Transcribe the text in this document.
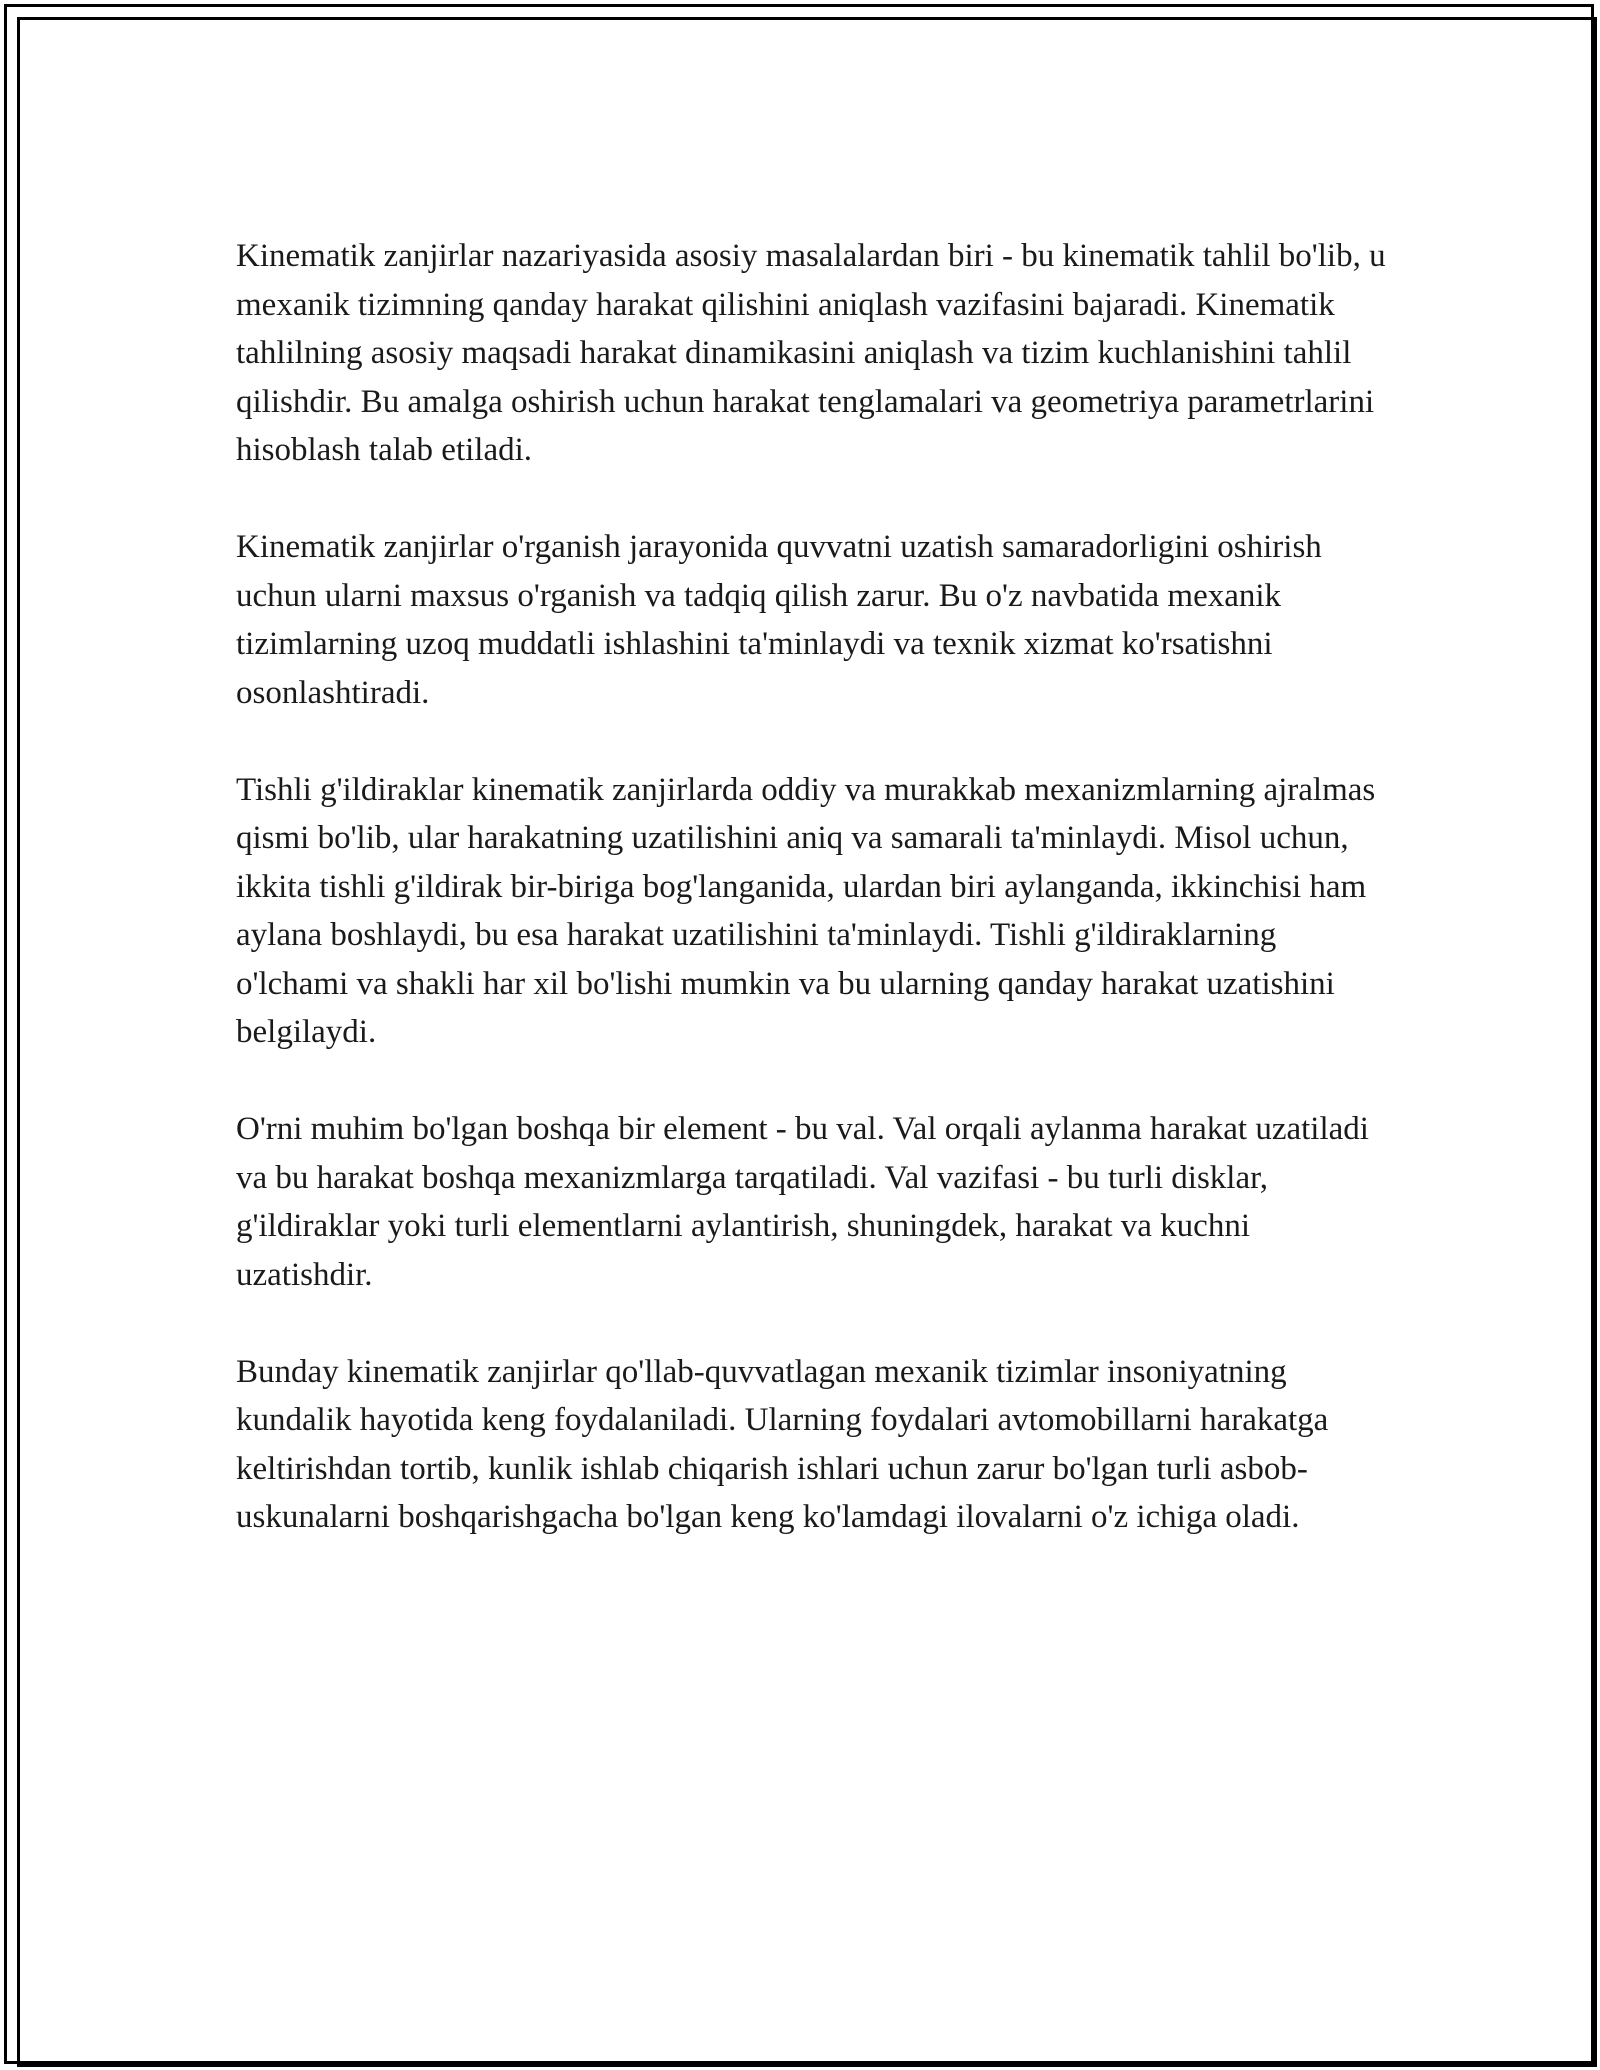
Kinematik zanjirlar nazariyasida asosiy masalalardan biri - bu kinematik tahlil bo'lib, u mexanik tizimning qanday harakat qilishini aniqlash vazifasini bajaradi. Kinematik tahlilning asosiy maqsadi harakat dinamikasini aniqlash va tizim kuchlanishini tahlil qilishdir. Bu amalga oshirish uchun harakat tenglamalari va geometriya parametrlarini hisoblash talab etiladi.

Kinematik zanjirlar o'rganish jarayonida quvvatni uzatish samaradorligini oshirish uchun ularni maxsus o'rganish va tadqiq qilish zarur. Bu o'z navbatida mexanik tizimlarning uzoq muddatli ishlashini ta'minlaydi va texnik xizmat ko'rsatishni osonlashtiradi.

Tishli g'ildiraklar kinematik zanjirlarda oddiy va murakkab mexanizmlarning ajralmas qismi bo'lib, ular harakatning uzatilishini aniq va samarali ta'minlaydi. Misol uchun, ikkita tishli g'ildirak bir-biriga bog'langanida, ulardan biri aylanganda, ikkinchisi ham aylana boshlaydi, bu esa harakat uzatilishini ta'minlaydi. Tishli g'ildiraklarning o'lchami va shakli har xil bo'lishi mumkin va bu ularning qanday harakat uzatishini belgilaydi.

O'rni muhim bo'lgan boshqa bir element - bu val. Val orqali aylanma harakat uzatiladi va bu harakat boshqa mexanizmlarga tarqatiladi. Val vazifasi - bu turli disklar, g'ildiraklar yoki turli elementlarni aylantirish, shuningdek, harakat va kuchni uzatishdir.

Bunday kinematik zanjirlar qo'llab-quvvatlagan mexanik tizimlar insoniyatning kundalik hayotida keng foydalaniladi. Ularning foydalari avtomobillarni harakatga keltirishdan tortib, kunlik ishlab chiqarish ishlari uchun zarur bo'lgan turli asbob-uskunalarni boshqarishgacha bo'lgan keng ko'lamdagi ilovalarni o'z ichiga oladi.
